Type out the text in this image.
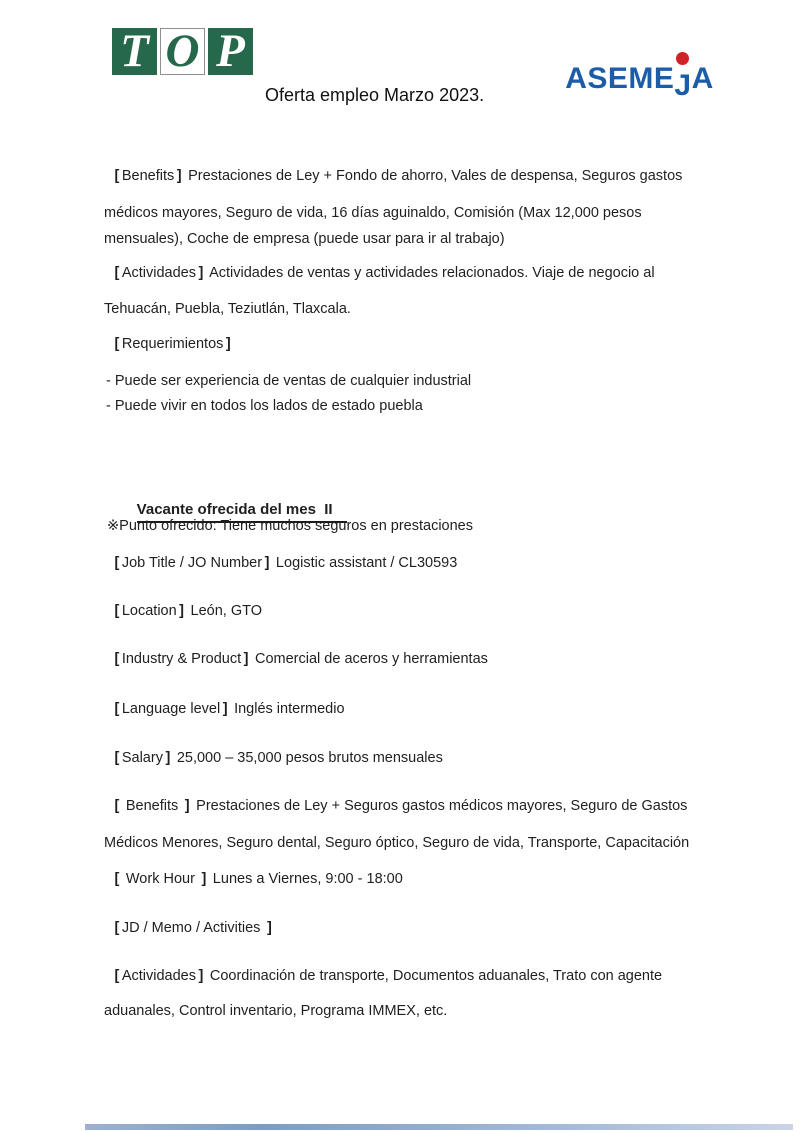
T O P

ASEME
JA

Oferta empleo Marzo 2023.
[ Benefits ] Prestaciones de Ley + Fondo de ahorro, Vales de despensa, Seguros gastos
médicos mayores, Seguro de vida, 16 días aguinaldo, Comisión (Max 12,000 pesos
mensuales), Coche de empresa (puede usar para ir al trabajo)
[ Actividades ] Actividades de ventas y actividades relacionados. Viaje de negocio al
Tehuacán, Puebla, Teziutlán, Tlaxcala.
[ Requerimientos ]
- Puede ser experiencia de ventas de cualquier industrial
- Puede vivir en todos los lados de estado puebla

Vacante ofrecida del mes  II

※Punto ofrecido: Tiene muchos seguros en prestaciones
[ Job Title / JO Number ] Logistic assistant / CL30593
[ Location ] León, GTO
[ Industry & Product ] Comercial de aceros y herramientas
[ Language level ] Inglés intermedio
[ Salary ] 25,000 – 35,000 pesos brutos mensuales
[ Benefits ] Prestaciones de Ley + Seguros gastos médicos mayores, Seguro de Gastos
Médicos Menores, Seguro dental, Seguro óptico, Seguro de vida, Transporte, Capacitación
[ Work Hour ] Lunes a Viernes, 9:00 - 18:00
[ JD / Memo / Activities ]
[ Actividades ] Coordinación de transporte, Documentos aduanales, Trato con agente
aduanales, Control inventario, Programa IMMEX, etc.
